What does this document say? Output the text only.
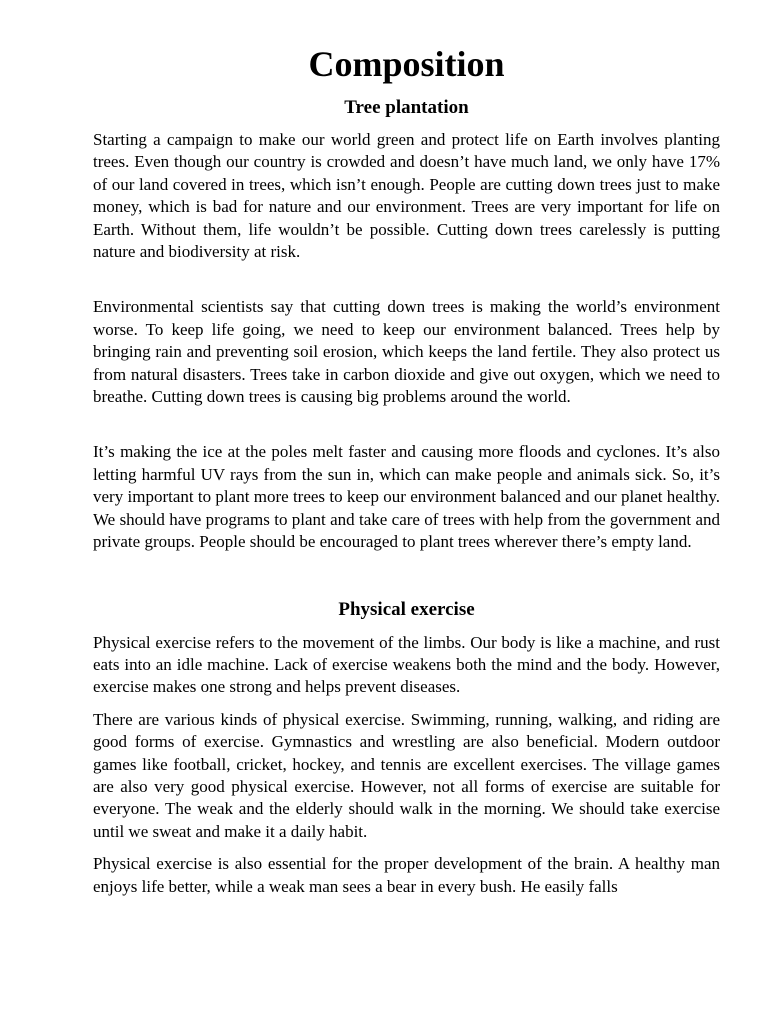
Composition
Tree plantation

Starting a campaign to make our world green and protect life on Earth involves planting trees. Even though our country is crowded and doesn’t have much land, we only have 17% of our land covered in trees, which isn’t enough. People are cutting down trees just to make money, which is bad for nature and our environment. Trees are very important for life on Earth. Without them, life wouldn’t be possible. Cutting down trees carelessly is putting nature and biodiversity at risk.

Environmental scientists say that cutting down trees is making the world’s environment worse. To keep life going, we need to keep our environment balanced. Trees help by bringing rain and preventing soil erosion, which keeps the land fertile. They also protect us from natural disasters. Trees take in carbon dioxide and give out oxygen, which we need to breathe. Cutting down trees is causing big problems around the world.

It’s making the ice at the poles melt faster and causing more floods and cyclones. It’s also letting harmful UV rays from the sun in, which can make people and animals sick. So, it’s very important to plant more trees to keep our environment balanced and our planet healthy. We should have programs to plant and take care of trees with help from the government and private groups. People should be encouraged to plant trees wherever there’s empty land.

Physical exercise

Physical exercise refers to the movement of the limbs. Our body is like a machine, and rust eats into an idle machine. Lack of exercise weakens both the mind and the body. However, exercise makes one strong and helps prevent diseases.

There are various kinds of physical exercise. Swimming, running, walking, and riding are good forms of exercise. Gymnastics and wrestling are also beneficial. Modern outdoor games like football, cricket, hockey, and tennis are excellent exercises. The village games are also very good physical exercise. However, not all forms of exercise are suitable for everyone. The weak and the elderly should walk in the morning. We should take exercise until we sweat and make it a daily habit.

Physical exercise is also essential for the proper development of the brain. A healthy man enjoys life better, while a weak man sees a bear in every bush. He easily falls
